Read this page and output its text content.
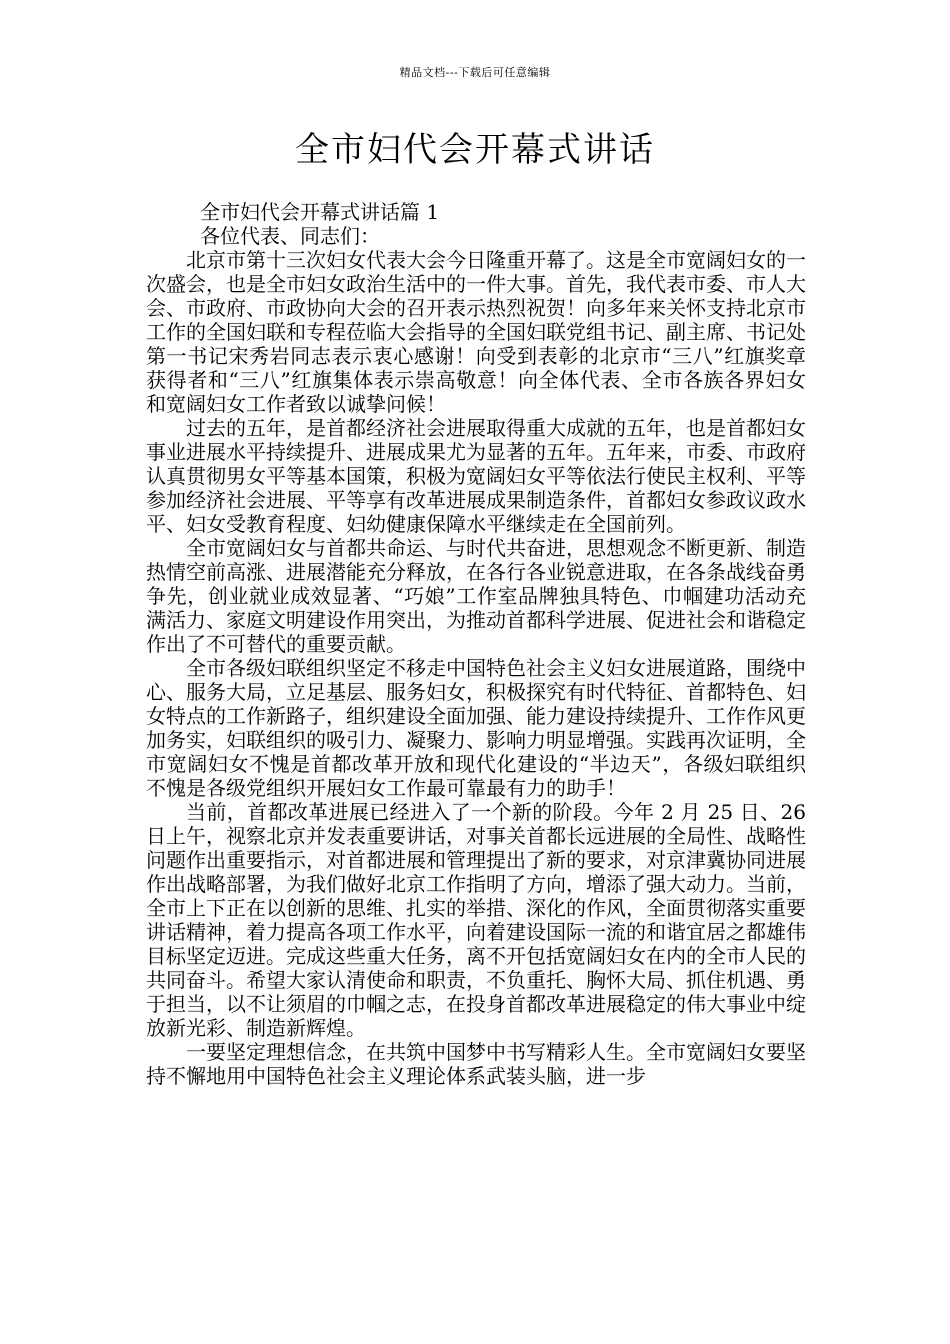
精品文档---下载后可任意编辑
全市妇代会开幕式讲话

全市妇代会开幕式讲话篇 1

各位代表、同志们：

北京市第十三次妇女代表大会今日隆重开幕了。这是全市宽阔妇女的一次盛会，也是全市妇女政治生活中的一件大事。首先，我代表市委、市人大会、市政府、市政协向大会的召开表示热烈祝贺！向多年来关怀支持北京市工作的全国妇联和专程莅临大会指导的全国妇联党组书记、副主席、书记处第一书记宋秀岩同志表示衷心感谢！向受到表彰的北京市“三八”红旗奖章获得者和“三八”红旗集体表示崇高敬意！向全体代表、全市各族各界妇女和宽阔妇女工作者致以诚挚问候！

过去的五年，是首都经济社会进展取得重大成就的五年，也是首都妇女事业进展水平持续提升、进展成果尤为显著的五年。五年来，市委、市政府认真贯彻男女平等基本国策，积极为宽阔妇女平等依法行使民主权利、平等参加经济社会进展、平等享有改革进展成果制造条件，首都妇女参政议政水平、妇女受教育程度、妇幼健康保障水平继续走在全国前列。

全市宽阔妇女与首都共命运、与时代共奋进，思想观念不断更新、制造热情空前高涨、进展潜能充分释放，在各行各业锐意进取，在各条战线奋勇争先，创业就业成效显著、“巧娘”工作室品牌独具特色、巾帼建功活动充满活力、家庭文明建设作用突出，为推动首都科学进展、促进社会和谐稳定作出了不可替代的重要贡献。

全市各级妇联组织坚定不移走中国特色社会主义妇女进展道路，围绕中心、服务大局，立足基层、服务妇女，积极探究有时代特征、首都特色、妇女特点的工作新路子，组织建设全面加强、能力建设持续提升、工作作风更加务实，妇联组织的吸引力、凝聚力、影响力明显增强。实践再次证明，全市宽阔妇女不愧是首都改革开放和现代化建设的“半边天”，各级妇联组织不愧是各级党组织开展妇女工作最可靠最有力的助手！

当前，首都改革进展已经进入了一个新的阶段。今年 2 月 25 日、26 日上午，视察北京并发表重要讲话，对事关首都长远进展的全局性、战略性问题作出重要指示，对首都进展和管理提出了新的要求，对京津冀协同进展作出战略部署，为我们做好北京工作指明了方向，增添了强大动力。当前，全市上下正在以创新的思维、扎实的举措、深化的作风，全面贯彻落实重要讲话精神，着力提高各项工作水平，向着建设国际一流的和谐宜居之都雄伟目标坚定迈进。完成这些重大任务，离不开包括宽阔妇女在内的全市人民的共同奋斗。希望大家认清使命和职责，不负重托、胸怀大局、抓住机遇、勇于担当，以不让须眉的巾帼之志，在投身首都改革进展稳定的伟大事业中绽放新光彩、制造新辉煌。

一要坚定理想信念，在共筑中国梦中书写精彩人生。全市宽阔妇女要坚持不懈地用中国特色社会主义理论体系武装头脑，进一步
